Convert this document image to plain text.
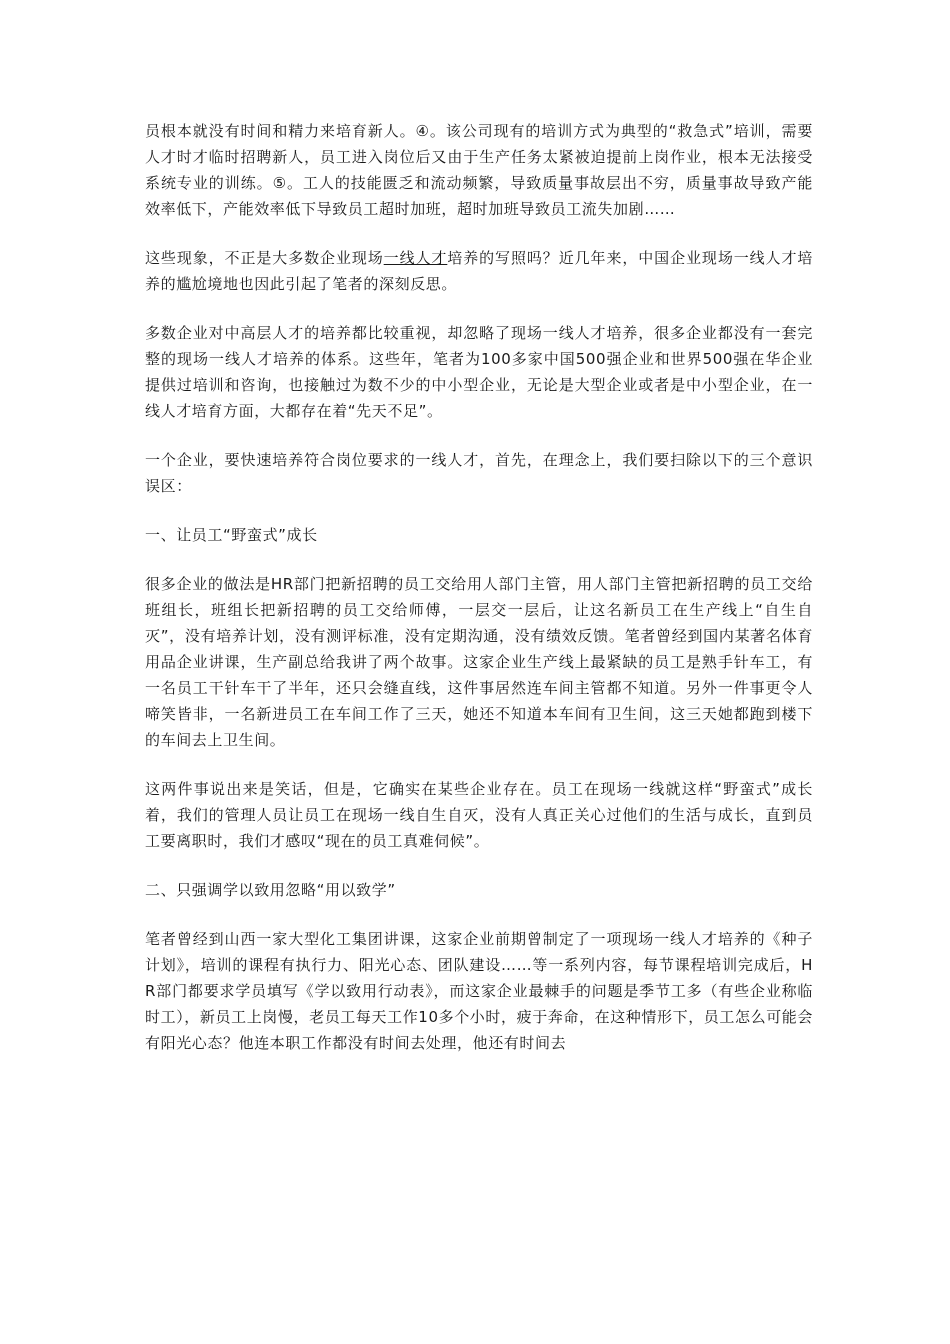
员根本就没有时间和精力来培育新人。④。该公司现有的培训方式为典型的“救急式”培训，需要人才时才临时招聘新人，员工进入岗位后又由于生产任务太紧被迫提前上岗作业，根本无法接受系统专业的训练。⑤。工人的技能匮乏和流动频繁，导致质量事故层出不穷，质量事故导致产能效率低下，产能效率低下导致员工超时加班，超时加班导致员工流失加剧……

这些现象，不正是大多数企业现场一线人才培养的写照吗？近几年来，中国企业现场一线人才培养的尴尬境地也因此引起了笔者的深刻反思。

多数企业对中高层人才的培养都比较重视，却忽略了现场一线人才培养，很多企业都没有一套完整的现场一线人才培养的体系。这些年，笔者为100多家中国500强企业和世界500强在华企业提供过培训和咨询，也接触过为数不少的中小型企业，无论是大型企业或者是中小型企业，在一线人才培育方面，大都存在着“先天不足”。

一个企业，要快速培养符合岗位要求的一线人才，首先，在理念上，我们要扫除以下的三个意识误区：

一、让员工“野蛮式”成长

很多企业的做法是HR部门把新招聘的员工交给用人部门主管，用人部门主管把新招聘的员工交给班组长，班组长把新招聘的员工交给师傅，一层交一层后，让这名新员工在生产线上“自生自灭”，没有培养计划，没有测评标准，没有定期沟通，没有绩效反馈。笔者曾经到国内某著名体育用品企业讲课，生产副总给我讲了两个故事。这家企业生产线上最紧缺的员工是熟手针车工，有一名员工干针车干了半年，还只会缝直线，这件事居然连车间主管都不知道。另外一件事更令人啼笑皆非，一名新进员工在车间工作了三天，她还不知道本车间有卫生间，这三天她都跑到楼下的车间去上卫生间。

这两件事说出来是笑话，但是，它确实在某些企业存在。员工在现场一线就这样“野蛮式”成长着，我们的管理人员让员工在现场一线自生自灭，没有人真正关心过他们的生活与成长，直到员工要离职时，我们才感叹“现在的员工真难伺候”。

二、只强调学以致用忽略“用以致学”

笔者曾经到山西一家大型化工集团讲课，这家企业前期曾制定了一项现场一线人才培养的《种子计划》，培训的课程有执行力、阳光心态、团队建设……等一系列内容，每节课程培训完成后，HR部门都要求学员填写《学以致用行动表》，而这家企业最棘手的问题是季节工多（有些企业称临时工），新员工上岗慢，老员工每天工作10多个小时，疲于奔命，在这种情形下，员工怎么可能会有阳光心态？他连本职工作都没有时间去处理，他还有时间去
